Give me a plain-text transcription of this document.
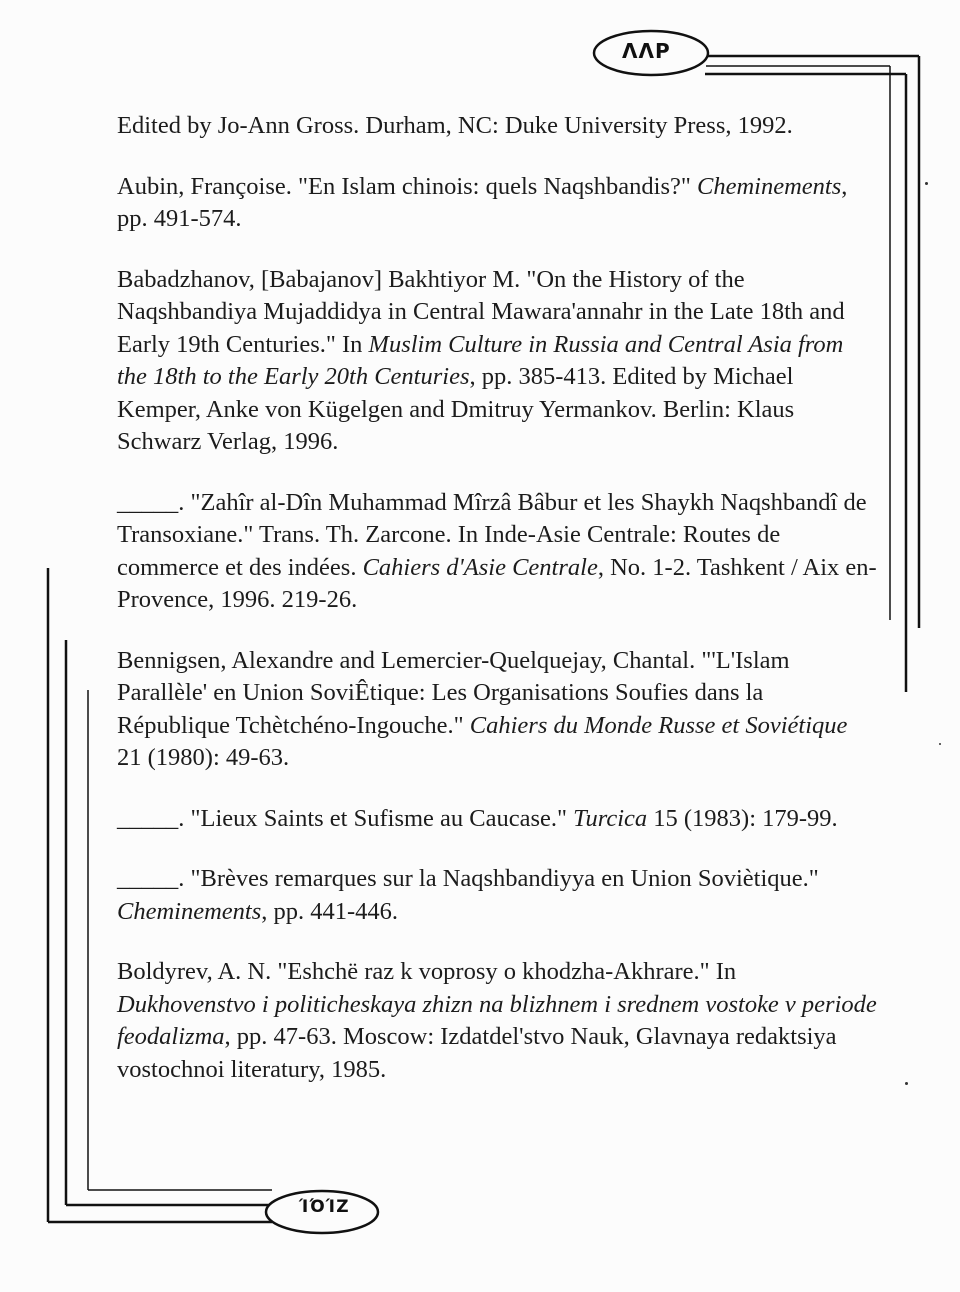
ΛΛΡ
ΊΌΊΖ

Edited by Jo-Ann Gross. Durham, NC: Duke University Press, 1992.

Aubin, Françoise. "En Islam chinois: quels Naqshbandis?" Cheminements, pp. 491-574.

Babadzhanov, [Babajanov] Bakhtiyor M. "On the History of the Naqshbandiya Mujaddidya in Central Mawara'annahr in the Late 18th and Early 19th Centuries." In Muslim Culture in Russia and Central Asia from the 18th to the Early 20th Centuries, pp. 385-413. Edited by Michael Kemper, Anke von Kügelgen and Dmitruy Yermankov. Berlin: Klaus Schwarz Verlag, 1996.

_____. "Zahîr al-Dîn Muhammad Mîrzâ Bâbur et les Shaykh Naqshbandî de Transoxiane." Trans. Th. Zarcone. In Inde-Asie Centrale: Routes de commerce et des indées. Cahiers d'Asie Centrale, No. 1-2. Tashkent / Aix en-Provence, 1996. 219-26.

Bennigsen, Alexandre and Lemercier-Quelquejay, Chantal. "'L'Islam Parallèle' en Union SoviÊtique: Les Organisations Soufies dans la République Tchètchéno-Ingouche." Cahiers du Monde Russe et Soviétique 21 (1980): 49-63.

_____. "Lieux Saints et Sufisme au Caucase." Turcica 15 (1983): 179-99.

_____. "Brèves remarques sur la Naqshbandiyya en Union Soviètique." Cheminements, pp. 441-446.

Boldyrev, A. N. "Eshchë raz k voprosy o khodzha-Akhrare." In Dukhovenstvo i politicheskaya zhizn na blizhnem i srednem vostoke v periode feodalizma, pp. 47-63. Moscow: Izdatdel'stvo Nauk, Glavnaya redaktsiya vostochnoi literatury, 1985.
